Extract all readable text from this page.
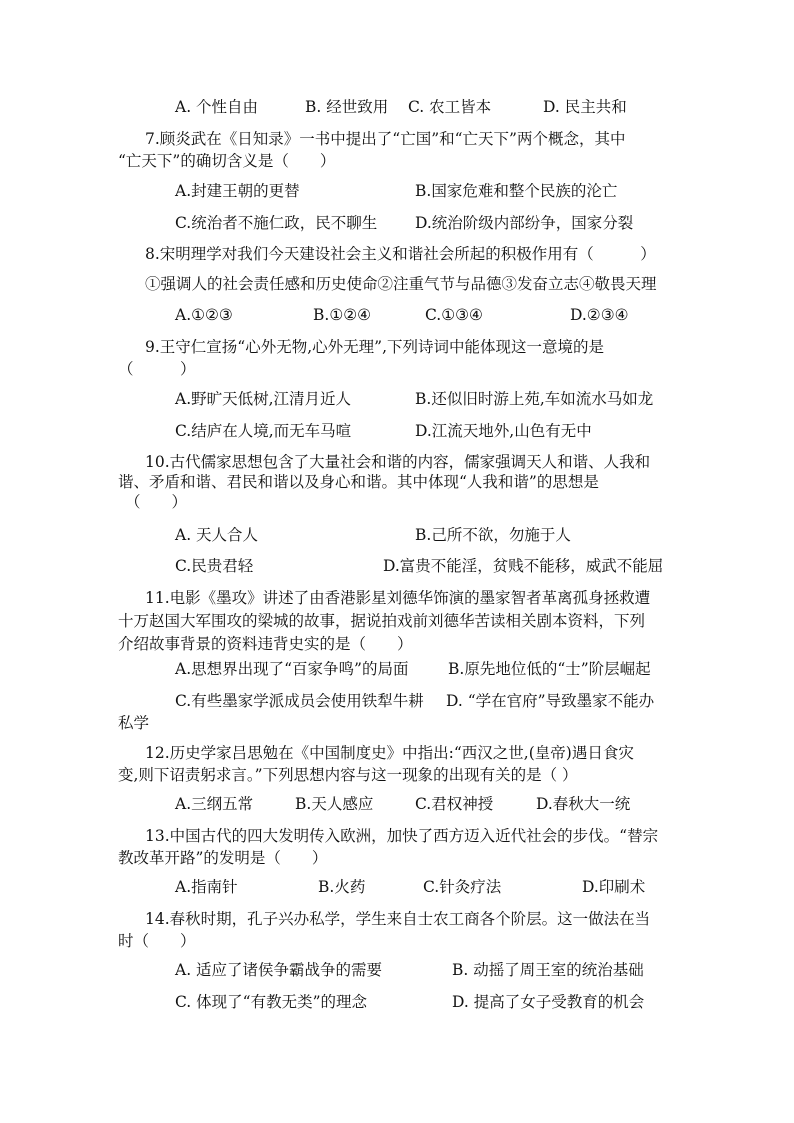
A. 个性自由	B. 经世致用 C. 农工皆本	D. 民主共和
7.顾炎武在《日知录》一书中提出了“亡国”和“亡天下”两个概念，其中
“亡天下”的确切含义是（　　）
A.封建王朝的更替	B.国家危难和整个民族的沦亡
C.统治者不施仁政，民不聊生 D.统治阶级内部纷争，国家分裂
8.宋明理学对我们今天建设社会主义和谐社会所起的积极作用有（　　　）
①强调人的社会责任感和历史使命②注重气节与品德③发奋立志④敬畏天理
A.①②③	B.①②④	C.①③④	D.②③④
9.王守仁宣扬“心外无物,心外无理”,下列诗词中能体现这一意境的是
（　　　）
A.野旷天低树,江清月近人	B.还似旧时游上苑,车如流水马如龙
C.结庐在人境,而无车马喧	D.江流天地外,山色有无中
10.古代儒家思想包含了大量社会和谐的内容，儒家强调天人和谐、人我和
谐、矛盾和谐、君民和谐以及身心和谐。其中体现“人我和谐”的思想是
（　　）
A. 天人合人	B.己所不欲，勿施于人
C.民贵君轻	D.富贵不能淫，贫贱不能移，威武不能屈
11.电影《墨攻》讲述了由香港影星刘德华饰演的墨家智者革离孤身拯救遭
十万赵国大军围攻的梁城的故事，据说拍戏前刘德华苦读相关剧本资料，下列
介绍故事背景的资料违背史实的是（　　）
A.思想界出现了“百家争鸣”的局面	B.原先地位低的“士”阶层崛起
C.有些墨家学派成员会使用铁犁牛耕 D. “学在官府”导致墨家不能办
私学
12.历史学家吕思勉在《中国制度史》中指出:“西汉之世,(皇帝)遇日食灾
变,则下诏责躬求言。”下列思想内容与这一现象的出现有关的是（ ）
A.三纲五常	B.天人感应	C.君权神授	D.春秋大一统
13.中国古代的四大发明传入欧洲，加快了西方迈入近代社会的步伐。“替宗
教改革开路”的发明是（　　）
A.指南针	B.火药	C.针灸疗法	D.印刷术
14.春秋时期，孔子兴办私学，学生来自士农工商各个阶层。这一做法在当
时（　　）
A. 适应了诸侯争霸战争的需要	B. 动摇了周王室的统治基础
C. 体现了“有教无类”的理念	D. 提高了女子受教育的机会
